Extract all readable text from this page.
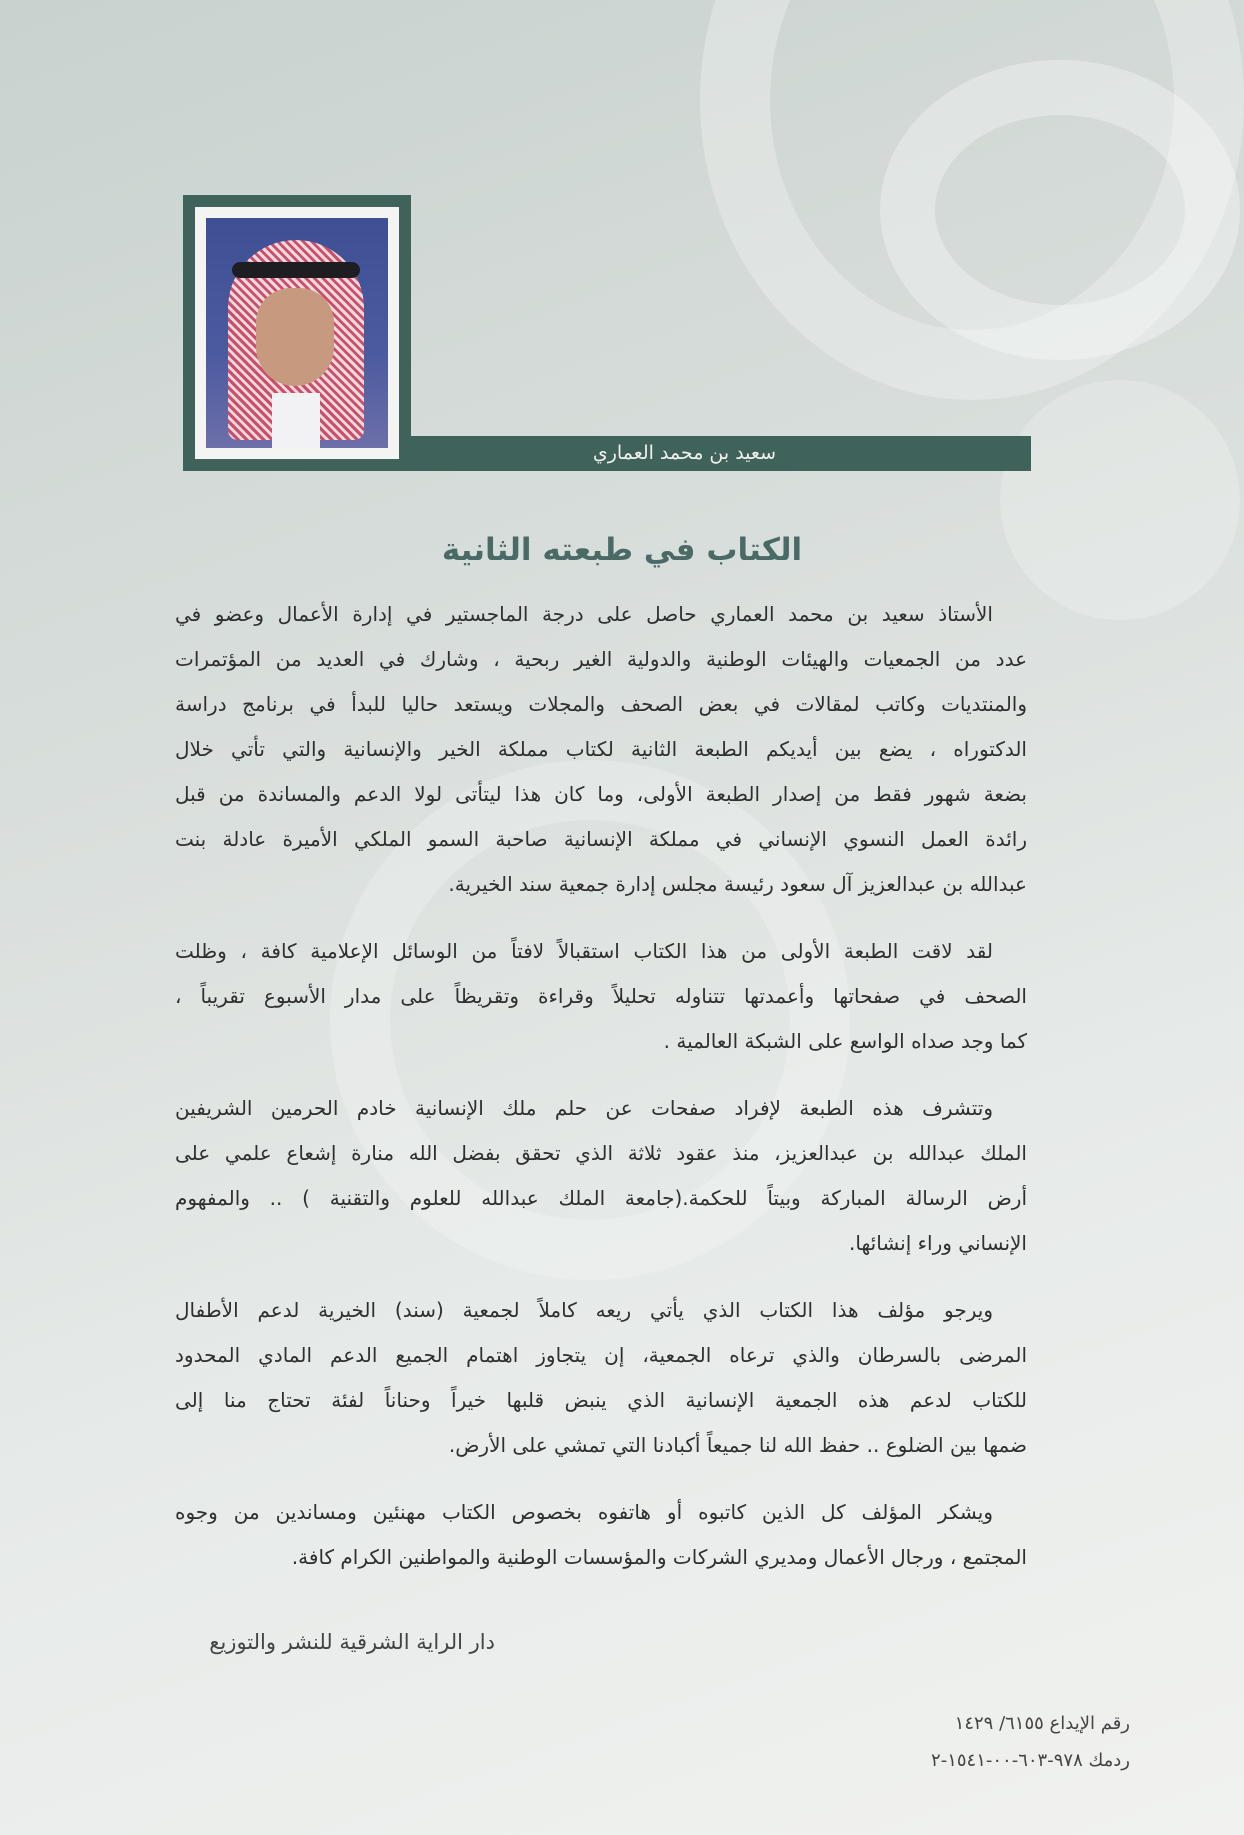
سعيد بن محمد العماري
الكتاب في طبعته الثانية
الأستاذ سعيد بن محمد العماري حاصل على درجة الماجستير في إدارة الأعمال وعضو في
عدد من الجمعيات والهيئات الوطنية والدولية الغير ربحية ، وشارك في العديد من المؤتمرات
والمنتديات وكاتب لمقالات في بعض الصحف والمجلات ويستعد حاليا للبدأ في برنامج دراسة
الدكتوراه ، يضع بين أيديكم الطبعة الثانية لكتاب مملكة الخير والإنسانية والتي تأتي خلال
بضعة شهور فقط من إصدار الطبعة الأولى، وما كان هذا ليتأتى لولا الدعم والمساندة من قبل
رائدة العمل النسوي الإنساني في مملكة الإنسانية صاحبة السمو الملكي الأميرة عادلة بنت
عبدالله بن عبدالعزيز آل سعود رئيسة مجلس إدارة جمعية سند الخيرية.
لقد لاقت الطبعة الأولى من هذا الكتاب استقبالاً لافتاً من الوسائل الإعلامية كافة ، وظلت
الصحف في صفحاتها وأعمدتها تتناوله تحليلاً وقراءة وتقريظاً على مدار الأسبوع تقريباً ،
كما وجد صداه الواسع على الشبكة العالمية .
وتتشرف هذه الطبعة لإفراد صفحات عن حلم ملك الإنسانية خادم الحرمين الشريفين
الملك عبدالله بن عبدالعزيز، منذ عقود ثلاثة الذي تحقق بفضل الله منارة إشعاع علمي على
أرض الرسالة المباركة وبيتاً للحكمة.(جامعة الملك عبدالله للعلوم والتقنية ) .. والمفهوم
الإنساني وراء إنشائها.
ويرجو مؤلف هذا الكتاب الذي يأتي ريعه كاملاً لجمعية (سند) الخيرية لدعم الأطفال
المرضى بالسرطان والذي ترعاه الجمعية، إن يتجاوز اهتمام الجميع الدعم المادي المحدود
للكتاب لدعم هذه الجمعية الإنسانية الذي ينبض قلبها خيراً وحناناً لفئة تحتاج منا إلى
ضمها بين الضلوع .. حفظ الله لنا جميعاً أكبادنا التي تمشي على الأرض.
ويشكر المؤلف كل الذين كاتبوه أو هاتفوه بخصوص الكتاب مهنئين ومساندين من وجوه
المجتمع ، ورجال الأعمال ومديري الشركات والمؤسسات الوطنية والمواطنين الكرام كافة.
دار الراية الشرقية للنشر والتوزيع
رقم الإيداع ٦١٥٥/ ١٤٢٩
ردمك ٩٧٨-٦٠٣-٠٠-١٥٤١-٢
